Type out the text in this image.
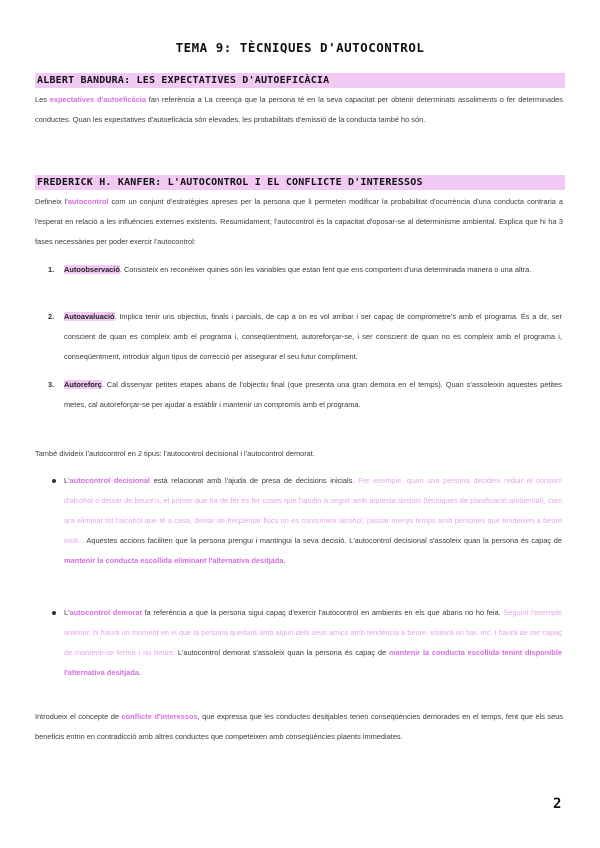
TEMA 9: TÈCNIQUES D'AUTOCONTROL
ALBERT BANDURA: LES EXPECTATIVES D'AUTOEFICÀCIA
Les expectatives d'autoeficàcia fan referència a La creença que la persona té en la seva capacitat per obtenir determinats assoliments o fer determinades conductes. Quan les expectatives d'autoeficàcia són elevades, les probabilitats d'emissió de la conducta també ho són.
FREDERICK H. KANFER: L'AUTOCONTROL I EL CONFLICTE D'INTERESSOS
Defineix l'autocontrol com un conjunt d'estratègies apreses per la persona que li permeten modificar la probabilitat d'ocurrència d'una conducta contraria a l'esperat en relació a les influències externes existents. Resumidament, l'autocontrol és la capacitat d'oposar-se al determinisme ambiental. Explica que hi ha 3 fases necessàries per poder exercir l'autocontrol:
1. Autoobservació. Consisteix en reconèixer quines són les variables que estan fent que ens comportem d'una determinada manera o una altra.
2. Autoavaluació. Implica tenir uns objectius, finals i parcials, de cap a on es vol arribar i ser capaç de comprometre's amb el programa. És a dir, ser conscient de quan es compleix amb el programa i, conseqüentment, autoreforçar-se, i ser conscient de quan no es compleix amb el programa i, conseqüentment, introduir algun tipus de correcció per assegurar el seu futur compliment.
3. Autoreforç. Cal dissenyar petites etapes abans de l'objectiu final (que presenta una gran demora en el temps). Quan s'assoleixin aquestes petites metes, cal autoreforçar-se per ajudar a establir i mantenir un compromís amb el programa.
També divideix l'autocontrol en 2 tipus: l'autocontrol decisional i l'autocontrol demorat.
L'autocontrol decisional està relacionat amb l'ajuda de presa de decisions inicials. Per exemple, quan una persona decideix reduir el consum d'alcohol o deixar de beure'n, el primer que ha de fer és fer coses que l'ajudin a seguir amb aquesta decisió (tècniques de planificació ambiental), com ara eliminar tot l'alcohol que té a casa, deixar de freqüentar llocs on es consumeix alcohol, passar menys temps amb persones que tendeixen a beure molt... Aquestes accions faciliten que la persona prengui i mantingui la seva decisió. L'autocontrol decisional s'assoleix quan la persona és capaç de mantenir la conducta escollida eliminant l'alternativa desitjada.
L'autocontrol demorat fa referència a que la persona sigui capaç d'exercir l'autocontrol en ambients en els que abans no ho feia. Seguint l'exemple anterior, hi haurà un moment en el que la persona quedarà amb algun dels seus amics amb tendència a beure, visitarà un bar, etc. I haurà de ser capaç de mantenir-se ferma i no beure. L'autocontrol demorat s'assoleix quan la persona és capaç de mantenir la conducta escollida tenint disponible l'alternativa desitjada.
Introdueix el concepte de conflicte d'interessos, que expressa que les conductes desitjables tenen conseqüències demorades en el temps, fent que els seus beneficis entrin en contradicció amb altres conductes que competeixen amb conseqüències plaents immediates.
2
